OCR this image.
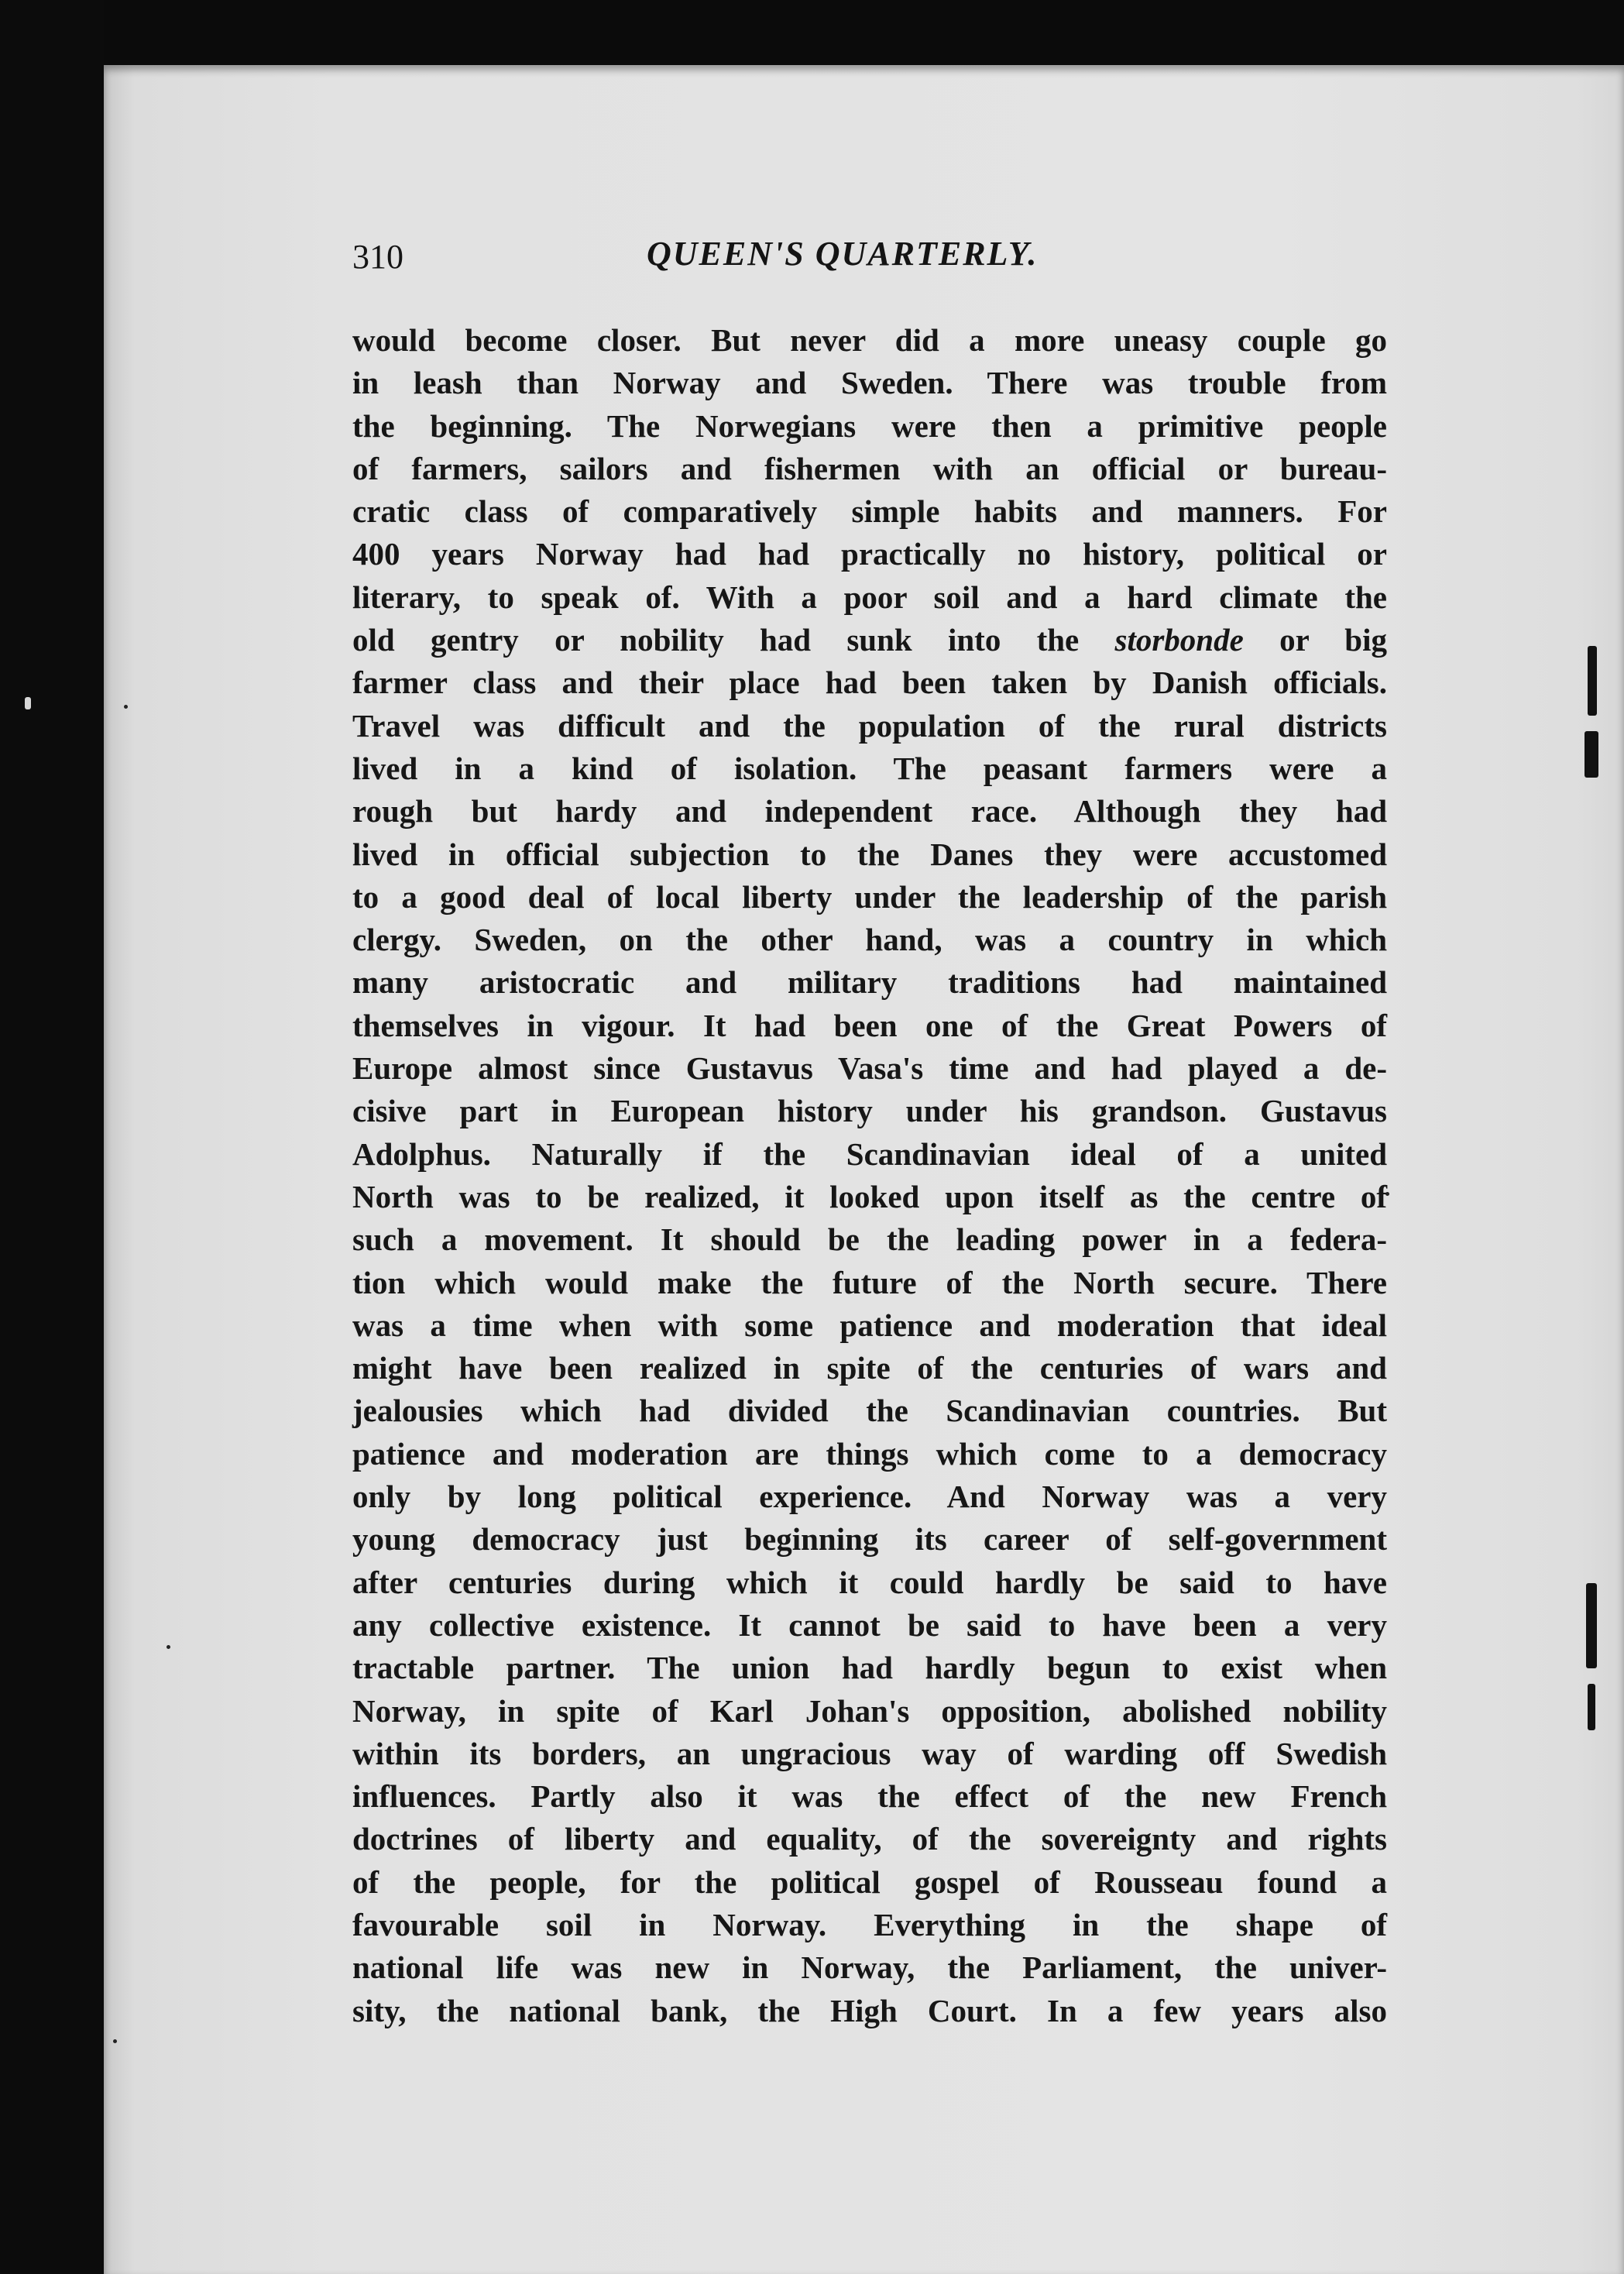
310	QUEEN'S QUARTERLY.
would become closer. But never did a more uneasy couple go
in leash than Norway and Sweden. There was trouble from
the beginning. The Norwegians were then a primitive people
of farmers, sailors and fishermen with an official or bureau-
cratic class of comparatively simple habits and manners. For
400 years Norway had had practically no history, political or
literary, to speak of. With a poor soil and a hard climate the
old gentry or nobility had sunk into the storbonde or big
farmer class and their place had been taken by Danish officials.
Travel was difficult and the population of the rural districts
lived in a kind of isolation. The peasant farmers were a
rough but hardy and independent race. Although they had
lived in official subjection to the Danes they were accustomed
to a good deal of local liberty under the leadership of the parish
clergy. Sweden, on the other hand, was a country in which
many aristocratic and military traditions had maintained
themselves in vigour. It had been one of the Great Powers of
Europe almost since Gustavus Vasa's time and had played a de-
cisive part in European history under his grandson. Gustavus
Adolphus. Naturally if the Scandinavian ideal of a united
North was to be realized, it looked upon itself as the centre of
such a movement. It should be the leading power in a federa-
tion which would make the future of the North secure. There
was a time when with some patience and moderation that ideal
might have been realized in spite of the centuries of wars and
jealousies which had divided the Scandinavian countries. But
patience and moderation are things which come to a democracy
only by long political experience. And Norway was a very
young democracy just beginning its career of self-government
after centuries during which it could hardly be said to have
any collective existence. It cannot be said to have been a very
tractable partner. The union had hardly begun to exist when
Norway, in spite of Karl Johan's opposition, abolished nobility
within its borders, an ungracious way of warding off Swedish
influences. Partly also it was the effect of the new French
doctrines of liberty and equality, of the sovereignty and rights
of the people, for the political gospel of Rousseau found a
favourable soil in Norway. Everything in the shape of
national life was new in Norway, the Parliament, the univer-
sity, the national bank, the High Court. In a few years also
